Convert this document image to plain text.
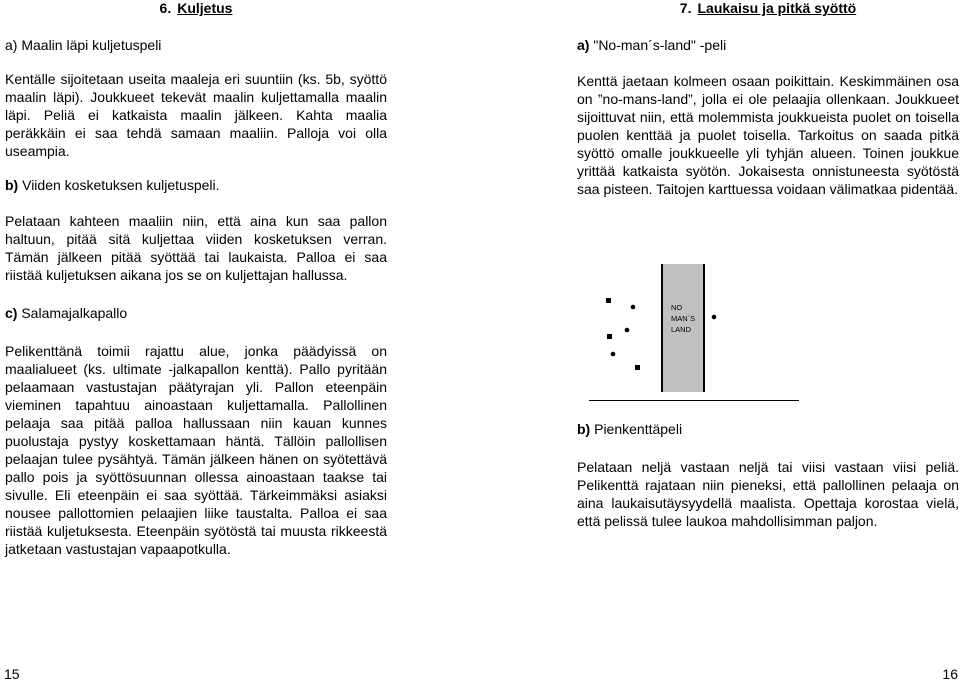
6. Kuljetus
a) Maalin läpi kuljetuspeli

Kentälle sijoitetaan useita maaleja eri suuntiin (ks. 5b, syöttö maalin läpi). Joukkueet tekevät maalin kuljettamalla maalin läpi. Peliä ei katkaista maalin jälkeen. Kahta maalia peräkkäin ei saa tehdä samaan maaliin. Palloja voi olla useampia.

b) Viiden kosketuksen kuljetuspeli.

Pelataan kahteen maaliin niin, että aina kun saa pallon haltuun, pitää sitä kuljettaa viiden kosketuksen verran. Tämän jälkeen pitää syöttää tai laukaista. Palloa ei saa riistää kuljetuksen aikana jos se on kuljettajan hallussa.

c) Salamajalkapallo

Pelikenttänä toimii rajattu alue, jonka päädyissä on maalialueet (ks. ultimate -jalkapallon kenttä). Pallo pyritään pelaamaan vastustajan päätyrajan yli. Pallon eteenpäin vieminen tapahtuu ainoastaan kuljettamalla. Pallollinen pelaaja saa pitää palloa hallussaan niin kauan kunnes puolustaja pystyy koskettamaan häntä. Tällöin pallollisen pelaajan tulee pysähtyä. Tämän jälkeen hänen on syötettävä pallo pois ja syöttösuunnan ollessa ainoastaan taakse tai sivulle. Eli eteenpäin ei saa syöttää. Tärkeimmäksi asiaksi nousee pallottomien pelaajien liike taustalta. Palloa ei saa riistää kuljetuksesta. Eteenpäin syötöstä tai muusta rikkeestä jatketaan vastustajan vapaapotkulla.

15
7. Laukaisu ja pitkä syöttö
a) "No-man´s-land" -peli

Kenttä jaetaan kolmeen osaan poikittain. Keskimmäinen osa on ”no-mans-land”, jolla ei ole pelaajia ollenkaan. Joukkueet sijoittuvat niin, että molemmista joukkueista puolet on toisella puolen kenttää ja puolet toisella. Tarkoitus on saada pitkä syöttö omalle joukkueelle yli tyhjän alueen. Toinen joukkue yrittää katkaista syötön. Jokaisesta onnistuneesta syötöstä saa pisteen. Taitojen karttuessa voidaan välimatkaa pidentää.

NO
MAN´S
LAND
b) Pienkenttäpeli

Pelataan neljä vastaan neljä tai viisi vastaan viisi peliä. Pelikenttä rajataan niin pieneksi, että pallollinen pelaaja on aina laukaisutäysyydellä maalista. Opettaja korostaa vielä, että pelissä tulee laukoa mahdollisimman paljon.

16
